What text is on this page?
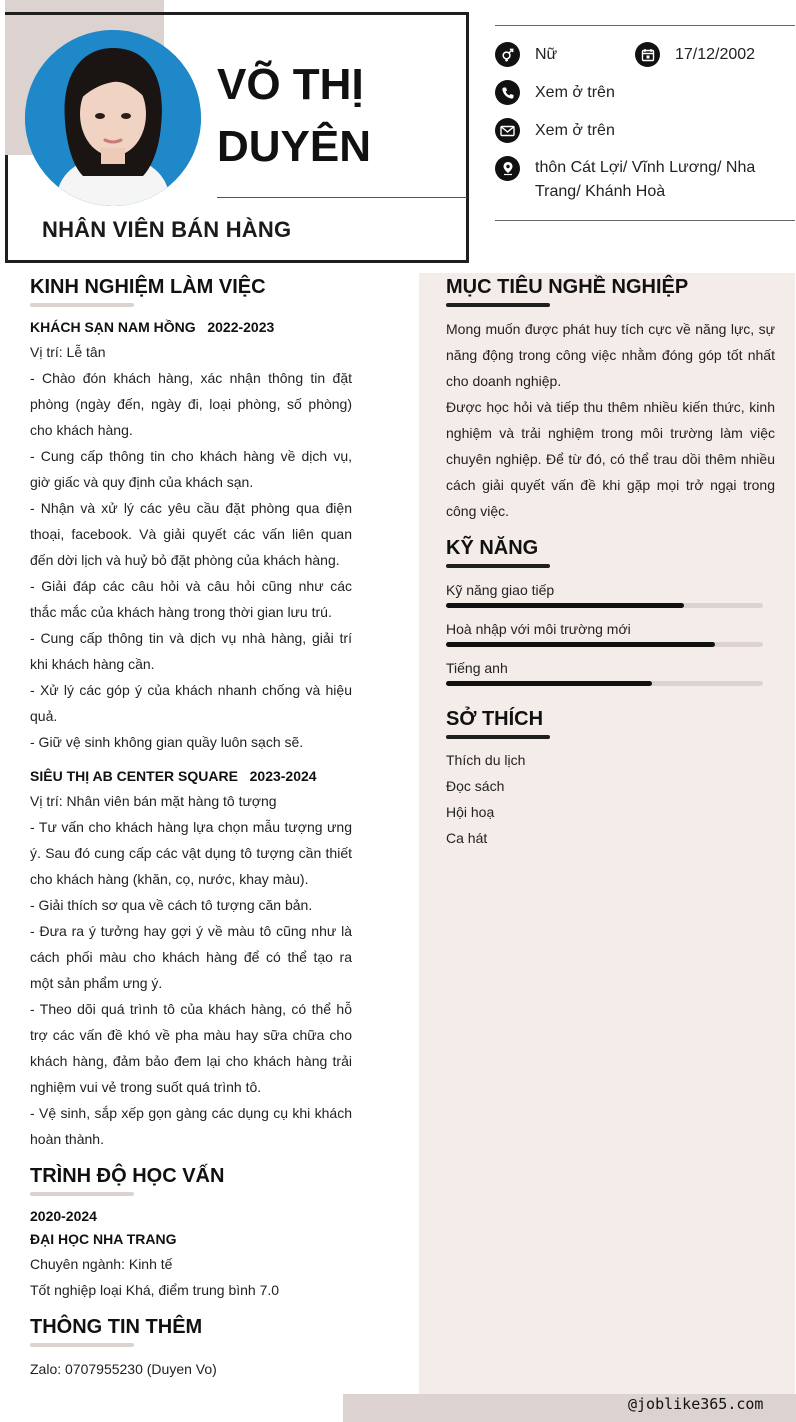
VÕ THỊ
DUYÊN
NHÂN VIÊN BÁN HÀNG
Nữ	17/12/2002
Xem ở trên
Xem ở trên
thôn Cát Lợi/ Vĩnh Lương/ Nha Trang/ Khánh Hoà
@joblike365.com
KINH NGHIỆM LÀM VIỆC
KHÁCH SẠN NAM HỒNG 2022-2023
Vị trí: Lễ tân
- Chào đón khách hàng, xác nhận thông tin đặt phòng (ngày đến, ngày đi, loại phòng, số phòng) cho khách hàng.
- Cung cấp thông tin cho khách hàng về dịch vụ, giờ giấc và quy định của khách sạn.
- Nhận và xử lý các yêu cầu đặt phòng qua điện thoại, facebook. Và giải quyết các vấn liên quan đến dời lịch và huỷ bỏ đặt phòng của khách hàng.
- Giải đáp các câu hỏi và câu hỏi cũng như các thắc mắc của khách hàng trong thời gian lưu trú.
- Cung cấp thông tin và dịch vụ nhà hàng, giải trí khi khách hàng cần.
- Xử lý các góp ý của khách nhanh chống và hiệu quả.
- Giữ vệ sinh không gian quầy luôn sạch sẽ.
SIÊU THỊ AB CENTER SQUARE 2023-2024
Vị trí: Nhân viên bán mặt hàng tô tượng
- Tư vấn cho khách hàng lựa chọn mẫu tượng ưng ý. Sau đó cung cấp các vật dụng tô tượng cần thiết cho khách hàng (khăn, cọ, nước, khay màu).
- Giải thích sơ qua về cách tô tượng căn bản.
- Đưa ra ý tưởng hay gợi ý về màu tô cũng như là cách phối màu cho khách hàng để có thể tạo ra một sản phẩm ưng ý.
- Theo dõi quá trình tô của khách hàng, có thể hỗ trợ các vấn đề khó về pha màu hay sữa chữa cho khách hàng, đảm bảo đem lại cho khách hàng trải nghiệm vui vẻ trong suốt quá trình tô.
- Vệ sinh, sắp xếp gọn gàng các dụng cụ khi khách hoàn thành.
TRÌNH ĐỘ HỌC VẤN
2020-2024
ĐẠI HỌC NHA TRANG
Chuyên ngành: Kinh tế
Tốt nghiệp loại Khá, điểm trung bình 7.0
THÔNG TIN THÊM
Zalo: 0707955230 (Duyen Vo)
MỤC TIÊU NGHỀ NGHIỆP
Mong muốn được phát huy tích cực về năng lực, sự năng động trong công việc nhằm đóng góp tốt nhất cho doanh nghiệp.
Được học hỏi và tiếp thu thêm nhiều kiến thức, kinh nghiệm và trải nghiệm trong môi trường làm việc chuyên nghiệp. Để từ đó, có thể trau dồi thêm nhiều cách giải quyết vấn đề khi gặp mọi trở ngại trong công việc.
KỸ NĂNG
Kỹ năng giao tiếp
Hoà nhập với môi trường mới
Tiếng anh
SỞ THÍCH
Thích du lịch
Đọc sách
Hội hoạ
Ca hát
